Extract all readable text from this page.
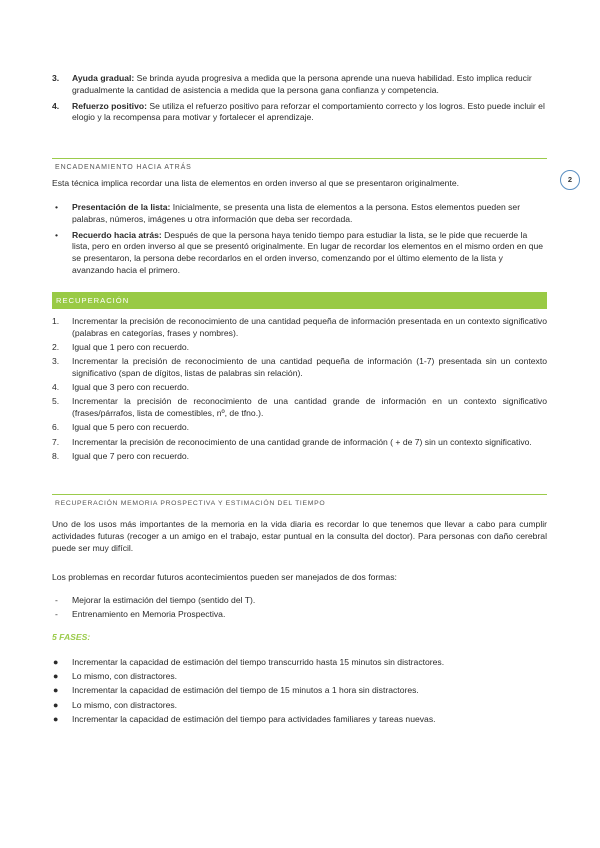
3. Ayuda gradual: Se brinda ayuda progresiva a medida que la persona aprende una nueva habilidad. Esto implica reducir gradualmente la cantidad de asistencia a medida que la persona gana confianza y competencia.
4. Refuerzo positivo: Se utiliza el refuerzo positivo para reforzar el comportamiento correcto y los logros. Esto puede incluir el elogio y la recompensa para motivar y fortalecer el aprendizaje.
ENCADENAMIENTO HACIA ATRÁS
Esta técnica implica recordar una lista de elementos en orden inverso al que se presentaron originalmente.
• Presentación de la lista: Inicialmente, se presenta una lista de elementos a la persona. Estos elementos pueden ser palabras, números, imágenes u otra información que deba ser recordada.
• Recuerdo hacia atrás: Después de que la persona haya tenido tiempo para estudiar la lista, se le pide que recuerde la lista, pero en orden inverso al que se presentó originalmente. En lugar de recordar los elementos en el mismo orden en que se presentaron, la persona debe recordarlos en el orden inverso, comenzando por el último elemento de la lista y avanzando hacia el primero.
RECUPERACIÓN
1. Incrementar la precisión de reconocimiento de una cantidad pequeña de información presentada en un contexto significativo (palabras en categorías, frases y nombres).
2. Igual que 1 pero con recuerdo.
3. Incrementar la precisión de reconocimiento de una cantidad pequeña de información (1-7) presentada sin un contexto significativo (span de dígitos, listas de palabras sin relación).
4. Igual que 3 pero con recuerdo.
5. Incrementar la precisión de reconocimiento de una cantidad grande de información en un contexto significativo (frases/párrafos, lista de comestibles, nº, de tfno.).
6. Igual que 5 pero con recuerdo.
7. Incrementar la precisión de reconocimiento de una cantidad grande de información ( + de 7) sin un contexto significativo.
8. Igual que 7 pero con recuerdo.
RECUPERACIÓN MEMORIA PROSPECTIVA Y ESTIMACIÓN DEL TIEMPO
Uno de los usos más importantes de la memoria en la vida diaria es recordar lo que tenemos que llevar a cabo para cumplir actividades futuras (recoger a un amigo en el trabajo, estar puntual en la consulta del doctor). Para personas con daño cerebral puede ser muy difícil.
Los problemas en recordar futuros acontecimientos pueden ser manejados de dos formas:
- Mejorar la estimación del tiempo (sentido del T).
- Entrenamiento en Memoria Prospectiva.
5 FASES:
● Incrementar la capacidad de estimación del tiempo transcurrido hasta 15 minutos sin distractores.
● Lo mismo, con distractores.
● Incrementar la capacidad de estimación del tiempo de 15 minutos a 1 hora sin distractores.
● Lo mismo, con distractores.
● Incrementar la capacidad de estimación del tiempo para actividades familiares y tareas nuevas.
2
